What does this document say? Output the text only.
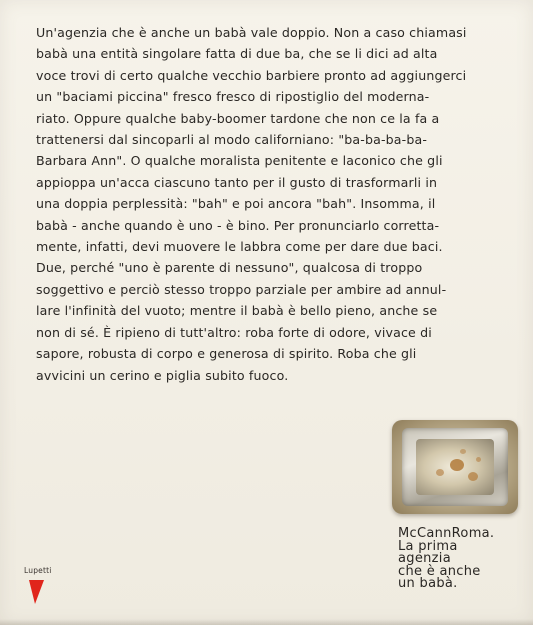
Un'agenzia che è anche un babà vale doppio. Non a caso chiamasi
babà una entità singolare fatta di due ba, che se li dici ad alta
voce trovi di certo qualche vecchio barbiere pronto ad aggiungerci
un "baciami piccina" fresco fresco di ripostiglio del moderna-
riato. Oppure qualche baby-boomer tardone che non ce la fa a
trattenersi dal sincoparli al modo californiano: "ba-ba-ba-ba-
Barbara Ann". O qualche moralista penitente e laconico che gli
appioppa un'acca ciascuno tanto per il gusto di trasformarli in
una doppia perplessità: "bah" e poi ancora "bah". Insomma, il
babà - anche quando è uno - è bino. Per pronunciarlo corretta-
mente, infatti, devi muovere le labbra come per dare due baci.
Due, perché "uno è parente di nessuno", qualcosa di troppo
soggettivo e perciò stesso troppo parziale per ambire ad annul-
lare l'infinità del vuoto; mentre il babà è bello pieno, anche se
non di sé. È ripieno di tutt'altro: roba forte di odore, vivace di
sapore, robusta di corpo e generosa di spirito. Roba che gli
avvicini un cerino e piglia subito fuoco.
McCannRoma.
La prima
agenzia
che è anche
un babà.
Lupetti
